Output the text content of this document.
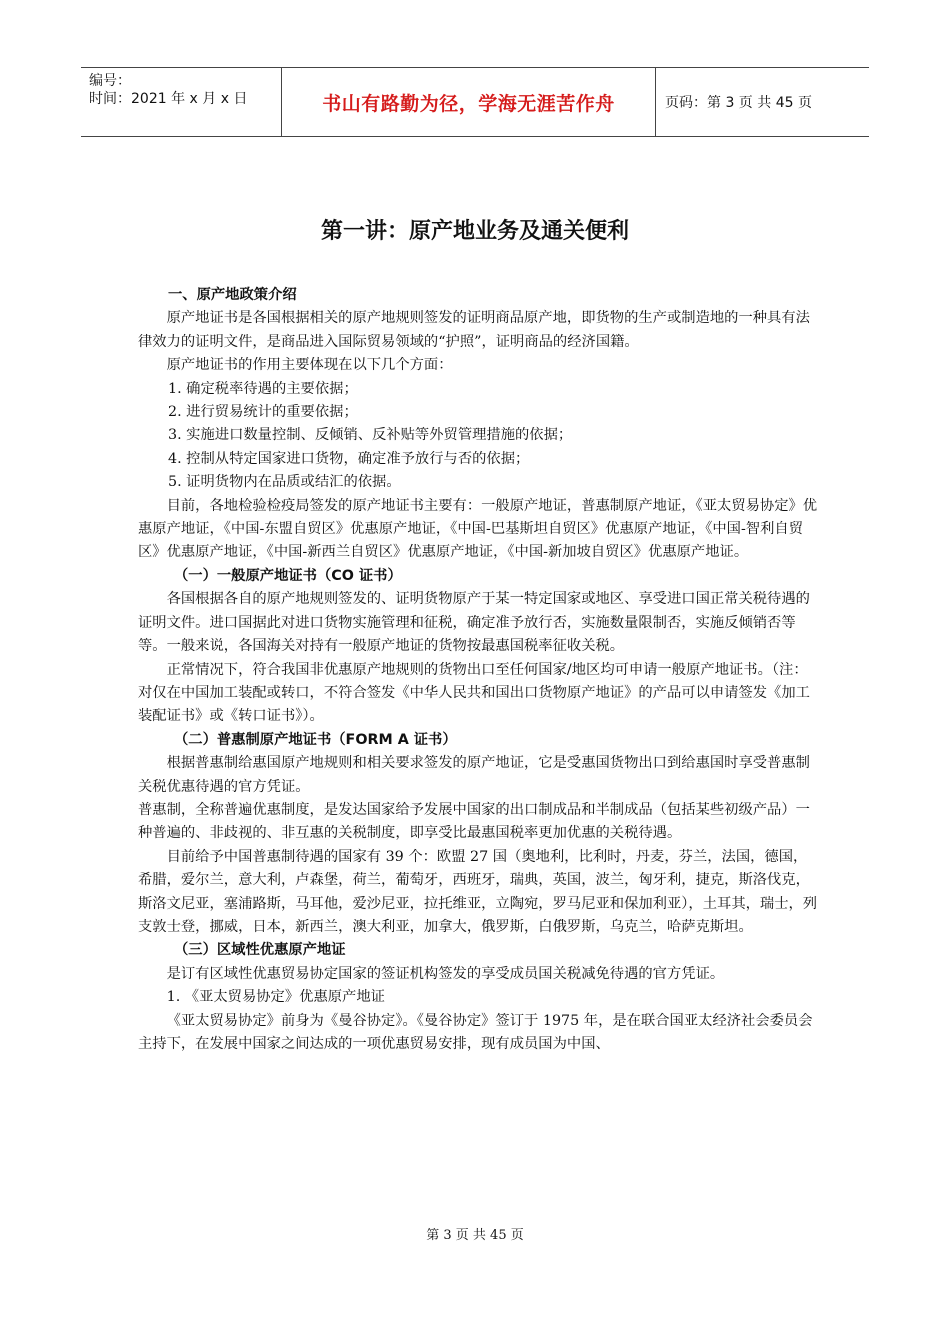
编号：
时间：2021 年 x 月 x 日	书山有路勤为径，学海无涯苦作舟	页码：第 3 页 共 45 页
第一讲：原产地业务及通关便利

一、原产地政策介绍

原产地证书是各国根据相关的原产地规则签发的证明商品原产地，即货物的生产或制造地的一种具有法律效力的证明文件，是商品进入国际贸易领域的“护照”，证明商品的经济国籍。

原产地证书的作用主要体现在以下几个方面：

1. 确定税率待遇的主要依据；

2. 进行贸易统计的重要依据；

3. 实施进口数量控制、反倾销、反补贴等外贸管理措施的依据；

4. 控制从特定国家进口货物，确定准予放行与否的依据；

5. 证明货物内在品质或结汇的依据。

目前，各地检验检疫局签发的原产地证书主要有：一般原产地证，普惠制原产地证，《亚太贸易协定》优惠原产地证，《中国-东盟自贸区》优惠原产地证，《中国-巴基斯坦自贸区》优惠原产地证，《中国-智利自贸区》优惠原产地证，《中国-新西兰自贸区》优惠原产地证，《中国-新加坡自贸区》优惠原产地证。

（一）一般原产地证书（CO 证书）

各国根据各自的原产地规则签发的、证明货物原产于某一特定国家或地区、享受进口国正常关税待遇的证明文件。进口国据此对进口货物实施管理和征税，确定准予放行否，实施数量限制否，实施反倾销否等等。一般来说，各国海关对持有一般原产地证的货物按最惠国税率征收关税。

正常情况下，符合我国非优惠原产地规则的货物出口至任何国家/地区均可申请一般原产地证书。（注：对仅在中国加工装配或转口，不符合签发《中华人民共和国出口货物原产地证》的产品可以申请签发《加工装配证书》或《转口证书》）。

（二）普惠制原产地证书（FORM A 证书）

根据普惠制给惠国原产地规则和相关要求签发的原产地证，它是受惠国货物出口到给惠国时享受普惠制关税优惠待遇的官方凭证。

普惠制，全称普遍优惠制度，是发达国家给予发展中国家的出口制成品和半制成品（包括某些初级产品）一种普遍的、非歧视的、非互惠的关税制度，即享受比最惠国税率更加优惠的关税待遇。

目前给予中国普惠制待遇的国家有 39 个：欧盟 27 国（奥地利，比利时，丹麦，芬兰，法国，德国，希腊，爱尔兰，意大利，卢森堡，荷兰，葡萄牙，西班牙，瑞典，英国，波兰，匈牙利，捷克，斯洛伐克，斯洛文尼亚，塞浦路斯，马耳他，爱沙尼亚，拉托维亚，立陶宛，罗马尼亚和保加利亚），土耳其，瑞士，列支敦士登，挪威，日本，新西兰，澳大利亚，加拿大，俄罗斯，白俄罗斯，乌克兰，哈萨克斯坦。

（三）区域性优惠原产地证

是订有区域性优惠贸易协定国家的签证机构签发的享受成员国关税减免待遇的官方凭证。

1. 《亚太贸易协定》优惠原产地证

《亚太贸易协定》前身为《曼谷协定》。《曼谷协定》签订于 1975 年，是在联合国亚太经济社会委员会主持下，在发展中国家之间达成的一项优惠贸易安排，现有成员国为中国、

第 3 页 共 45 页
